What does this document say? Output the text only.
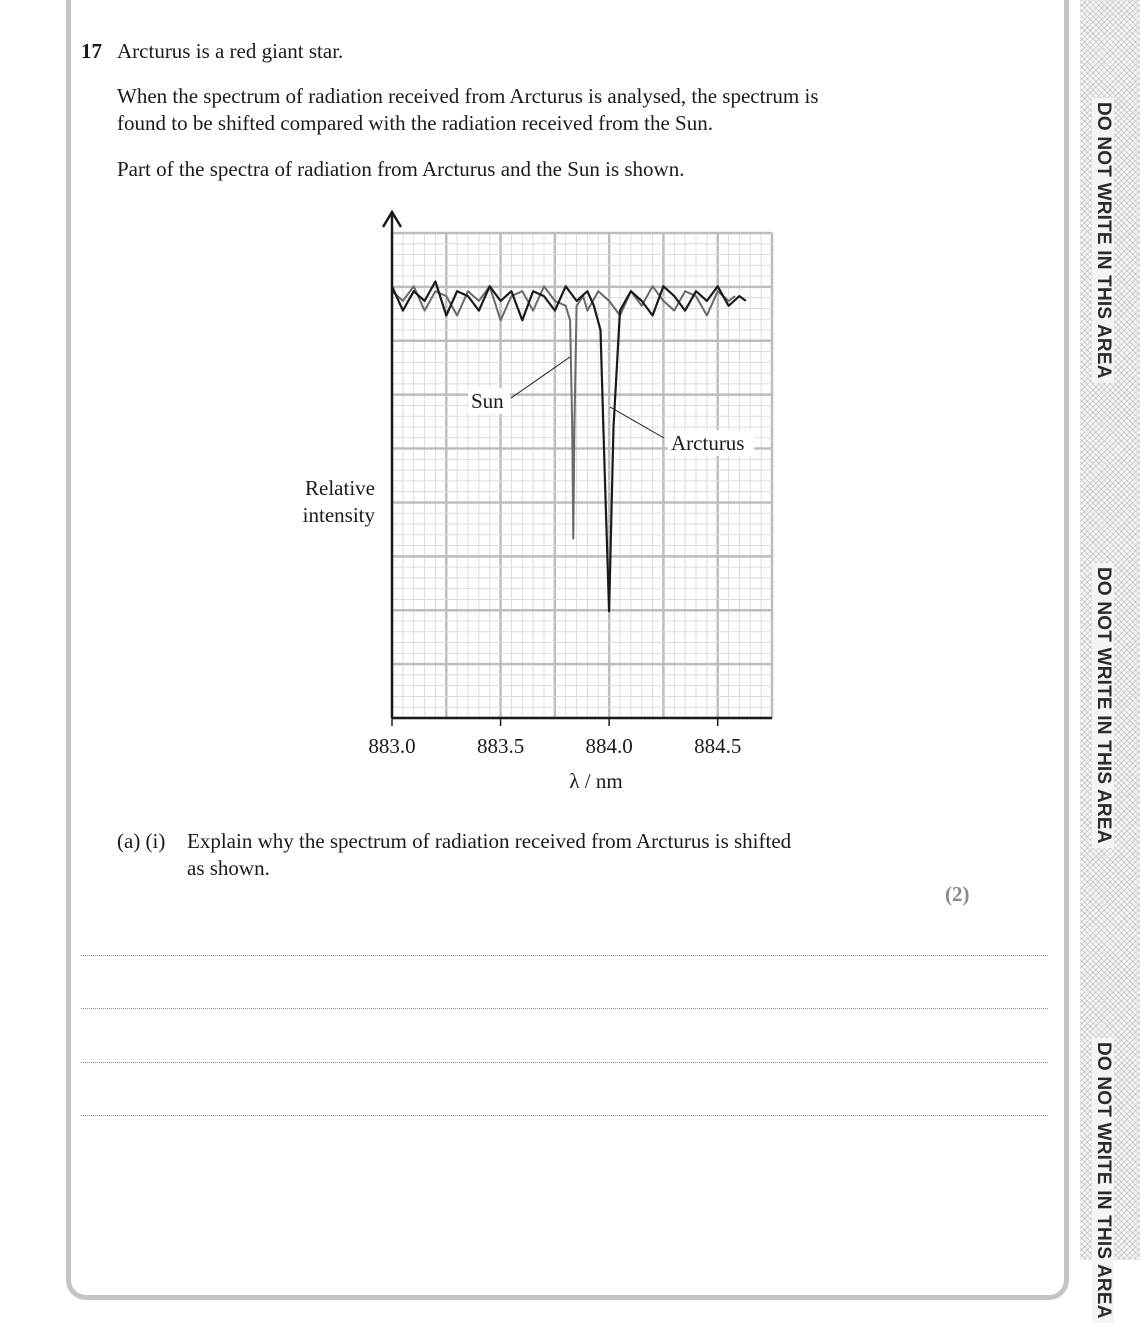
DO NOT WRITE IN THIS AREA
DO NOT WRITE IN THIS AREA
DO NOT WRITE IN THIS AREA
17 Arcturus is a red giant star.
When the spectrum of radiation received from Arcturus is analysed, the spectrum is
found to be shifted compared with the radiation received from the Sun.
Part of the spectra of radiation from Arcturus and the Sun is shown.
883.0	883.5	884.0	884.5
Sun
Arcturus
Relative
intensity
λ / nm
(a) (i) Explain why the spectrum of radiation received from Arcturus is shifted
as shown.
(2)
